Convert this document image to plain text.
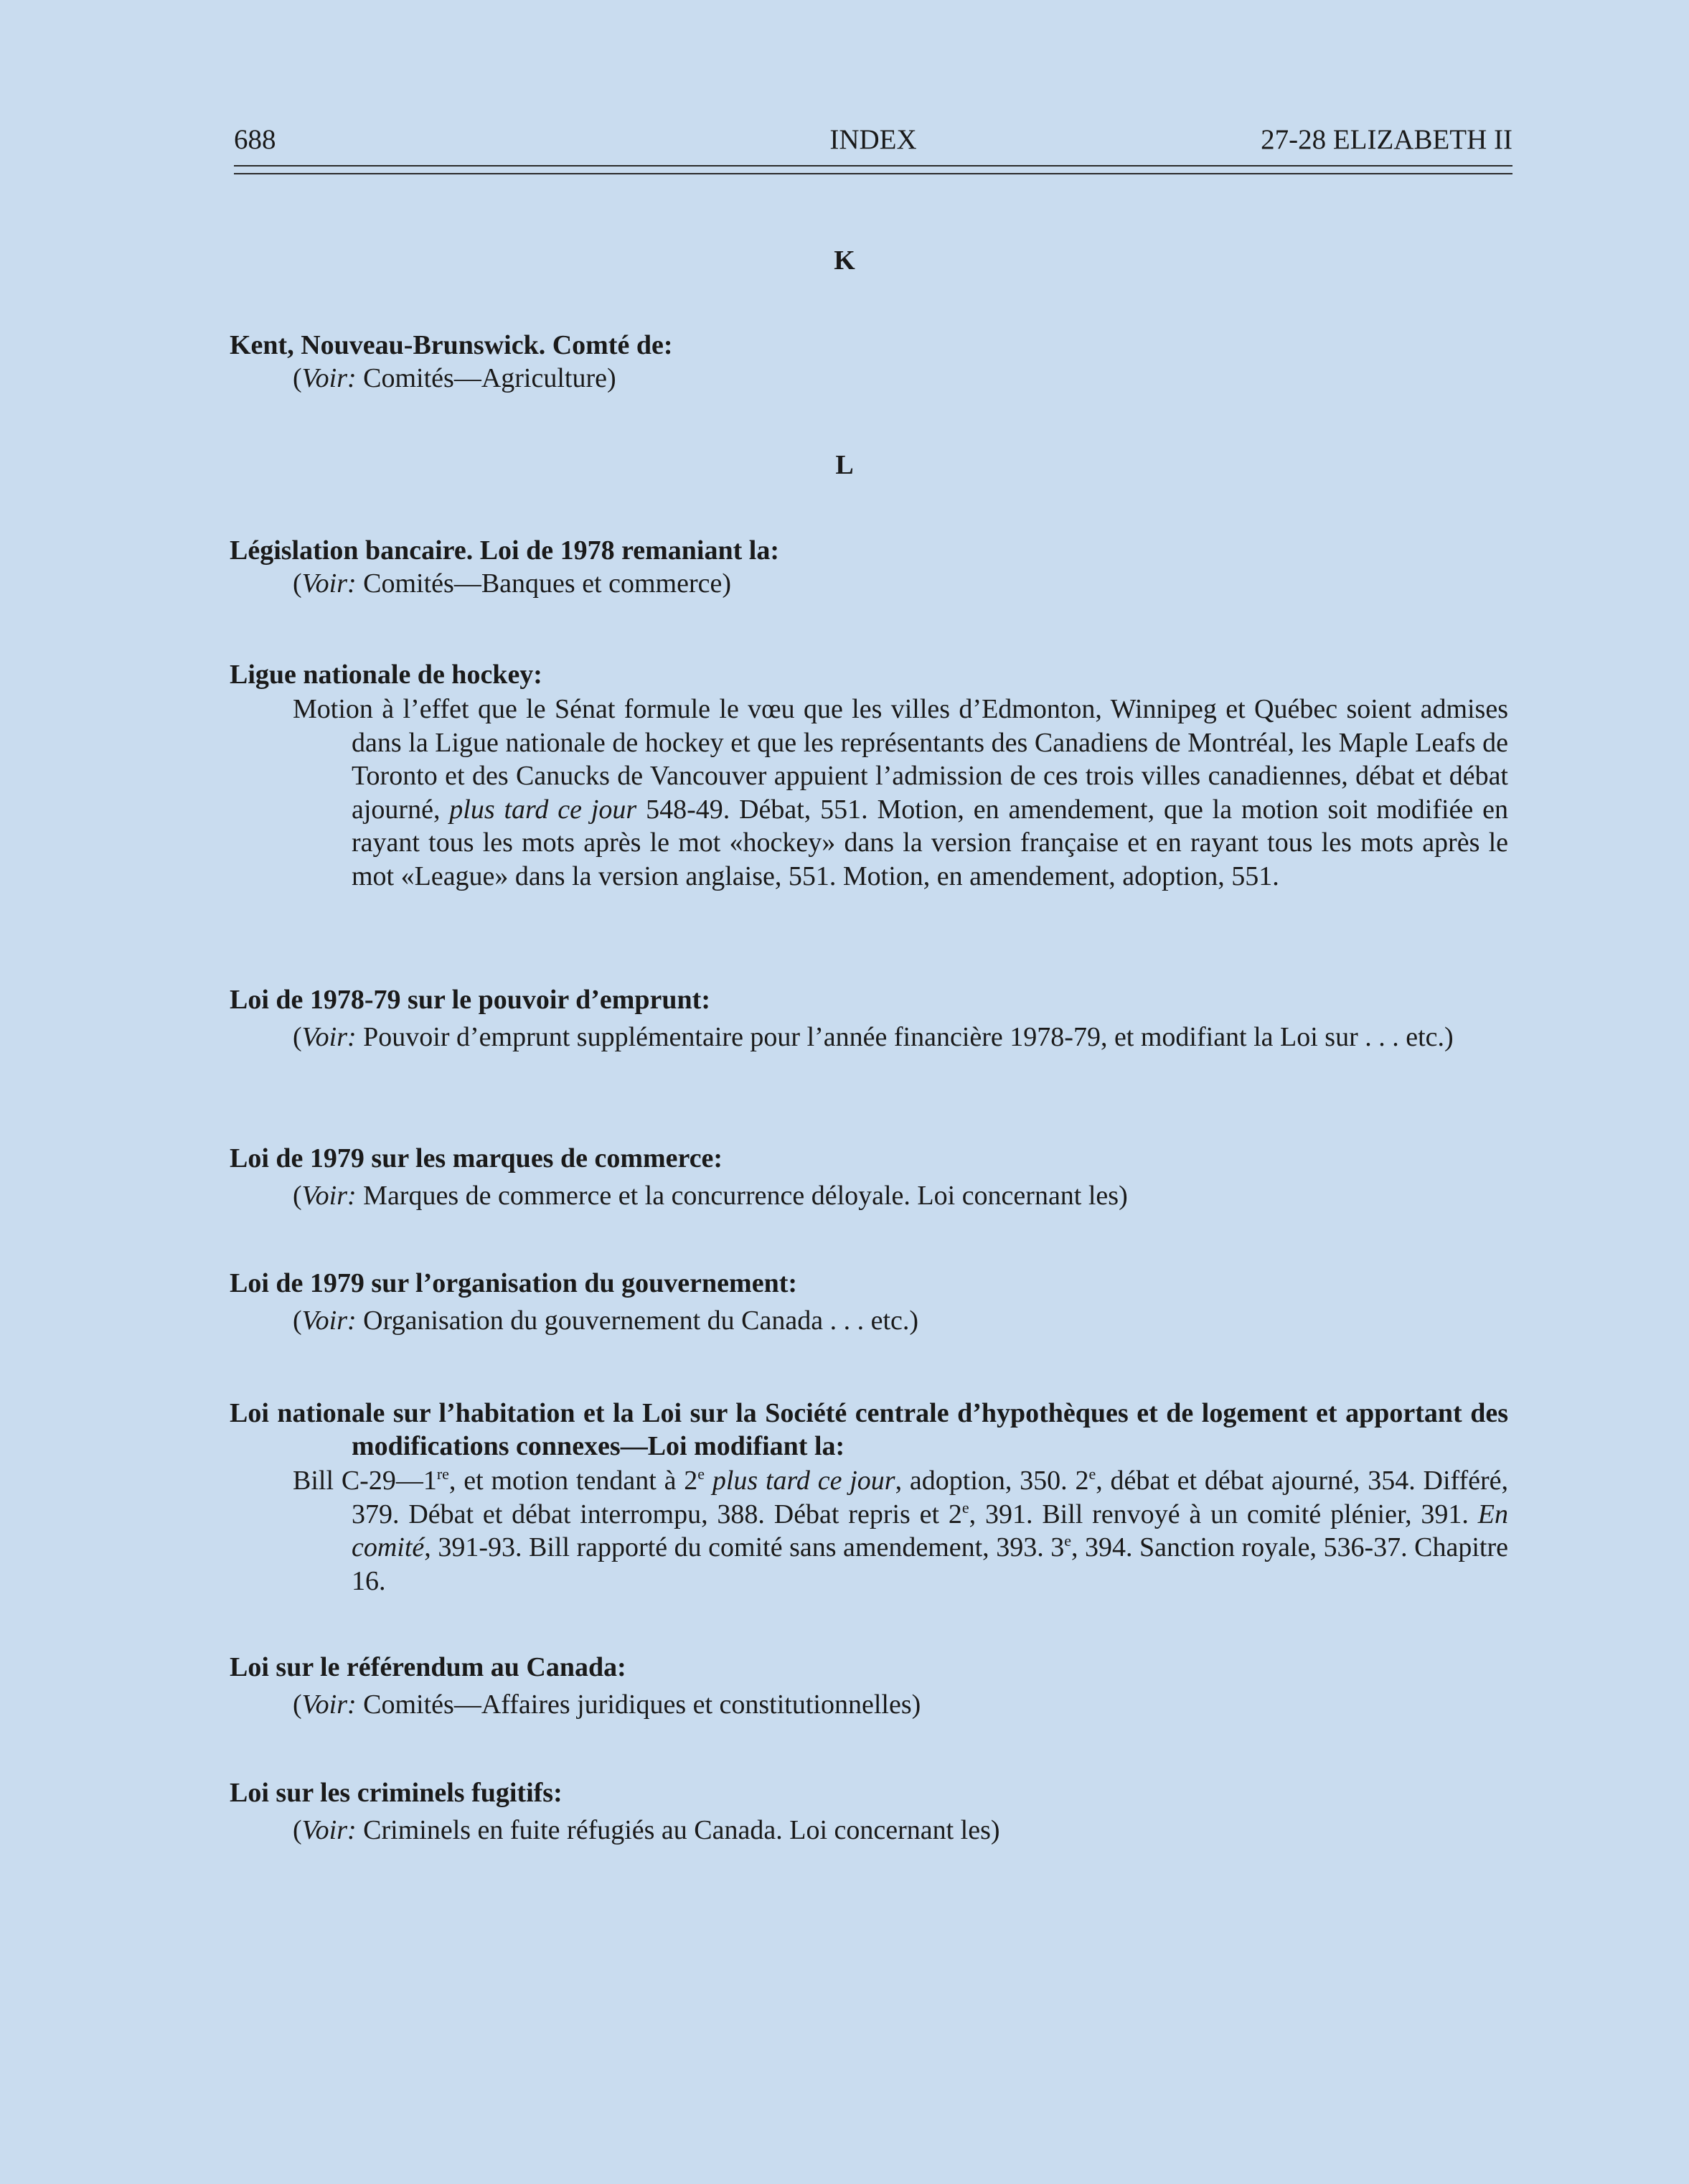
INDEX
688	27-28 ELIZABETH II
K
Kent, Nouveau-Brunswick. Comté de:
(Voir: Comités—Agriculture)
L
Législation bancaire. Loi de 1978 remaniant la:
(Voir: Comités—Banques et commerce)
Ligue nationale de hockey:
Motion à l’effet que le Sénat formule le vœu que les villes d’Edmonton, Winnipeg et Québec soient admises dans la Ligue nationale de hockey et que les représentants des Canadiens de Montréal, les Maple Leafs de Toronto et des Canucks de Vancouver appuient l’admission de ces trois villes canadiennes, débat et débat ajourné, plus tard ce jour 548-49. Débat, 551. Motion, en amendement, que la motion soit modifiée en rayant tous les mots après le mot «hockey» dans la version française et en rayant tous les mots après le mot «League» dans la version anglaise, 551. Motion, en amendement, adoption, 551.
Loi de 1978-79 sur le pouvoir d’emprunt:
(Voir: Pouvoir d’emprunt supplémentaire pour l’année financière 1978-79, et modifiant la Loi sur . . . etc.)
Loi de 1979 sur les marques de commerce:
(Voir: Marques de commerce et la concurrence déloyale. Loi concernant les)
Loi de 1979 sur l’organisation du gouvernement:
(Voir: Organisation du gouvernement du Canada . . . etc.)
Loi nationale sur l’habitation et la Loi sur la Société centrale d’hypothèques et de logement et apportant des modifications connexes—Loi modifiant la:
Bill C-29—1re, et motion tendant à 2e plus tard ce jour, adoption, 350. 2e, débat et débat ajourné, 354. Différé, 379. Débat et débat interrompu, 388. Débat repris et 2e, 391. Bill renvoyé à un comité plénier, 391. En comité, 391-93. Bill rapporté du comité sans amendement, 393. 3e, 394. Sanction royale, 536-37. Chapitre 16.
Loi sur le référendum au Canada:
(Voir: Comités—Affaires juridiques et constitutionnelles)
Loi sur les criminels fugitifs:
(Voir: Criminels en fuite réfugiés au Canada. Loi concernant les)
